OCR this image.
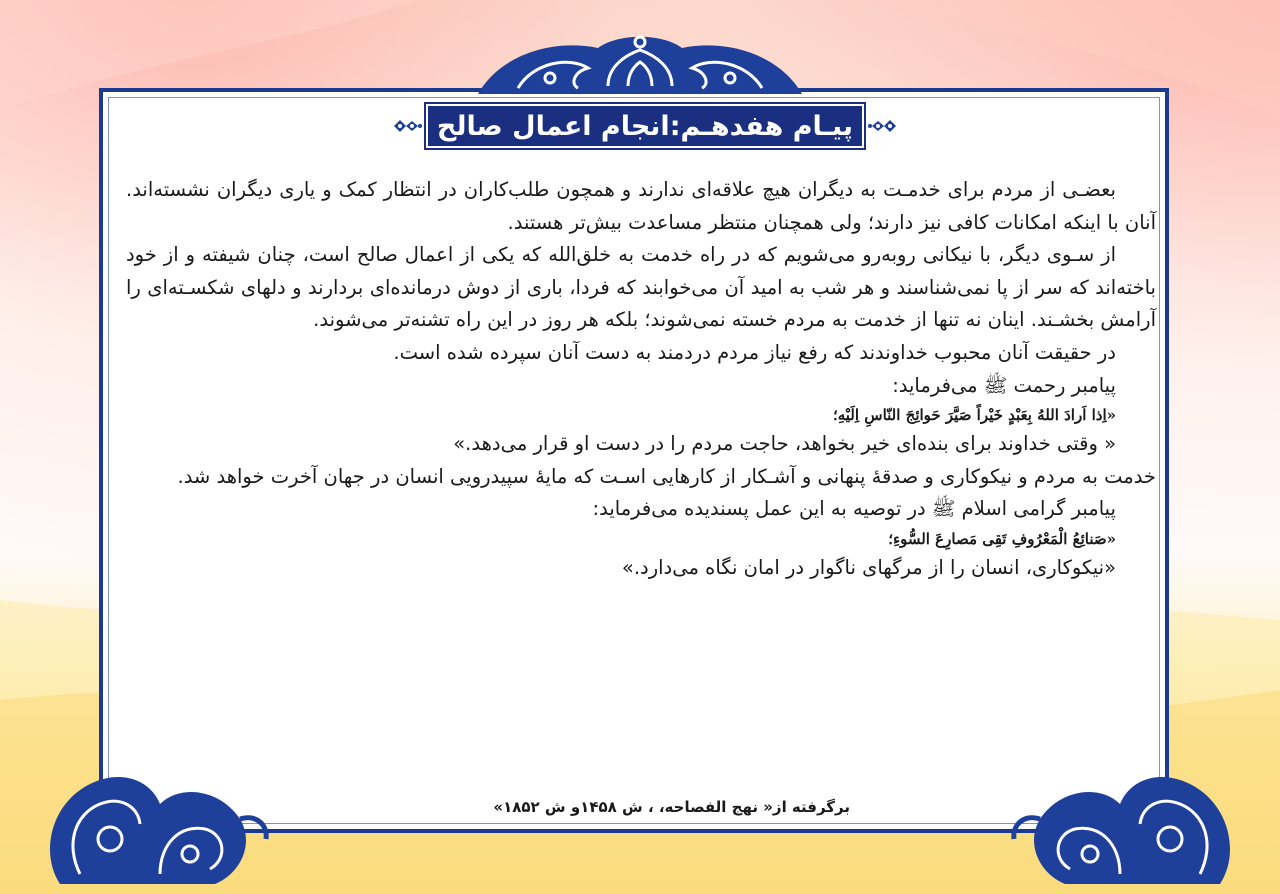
پیـام هفدهـم:انجام اعمال صالح

بعضـی از مردم برای خدمـت به دیگران هیچ علاقه‌ای ندارند و همچون طلب‌کاران در انتظار کمک و یاری دیگران نشسته‌اند. آنان با اینکه امکانات کافی نیز دارند؛ ولی همچنان منتظر مساعدت بیش‌تر هستند.

از سـوی دیگر، با نیکانی روبه‌رو می‌شویم که در راه خدمت به خلق‌الله که یکی از اعمال صالح است، چنان شیفته و از خود باخته‌اند که سر از پا نمی‌شناسند و هر شب به امید آن می‌خوابند که فردا، باری از دوش درمانده‌ای بردارند و دلهای شکسـته‌ای را آرامش بخشـند. اینان نه تنها از خدمت به مردم خسته نمی‌شوند؛ بلکه هر روز در این راه تشنه‌تر می‌شوند.

در حقیقت آنان محبوب خداوندند که رفع نیاز مردم دردمند به دست آنان سپرده شده است.

پیامبر رحمت ﷺ می‌فرماید:

«اِذا اَرادَ اللهُ بِعَبْدٍ خَیْراً صَیَّرَ حَوائِجَ النّاسِ اِلَیْهِ؛

« وقتی خداوند برای بنده‌ای خیر بخواهد، حاجت مردم را در دست او قرار می‌دهد.»

خدمت به مردم و نیکوکاری و صدقهٔ پنهانی و آشـکار از کارهایی اسـت که مایهٔ سپیدرویی انسان در جهان آخرت خواهد شد.

پیامبر گرامی اسلام ﷺ در توصیه به این عمل پسندیده می‌فرماید:

«صَنائِعُ الْمَعْرُوفِ تَقِی مَصارِعَ السُّوءِ؛

«نیکوکاری، انسان را از مرگهای ناگوار در امان نگاه می‌دارد.»

برگرفته از« نهج الفصاحه، ، ش ۱۴۵۸و ش ۱۸۵۲»
